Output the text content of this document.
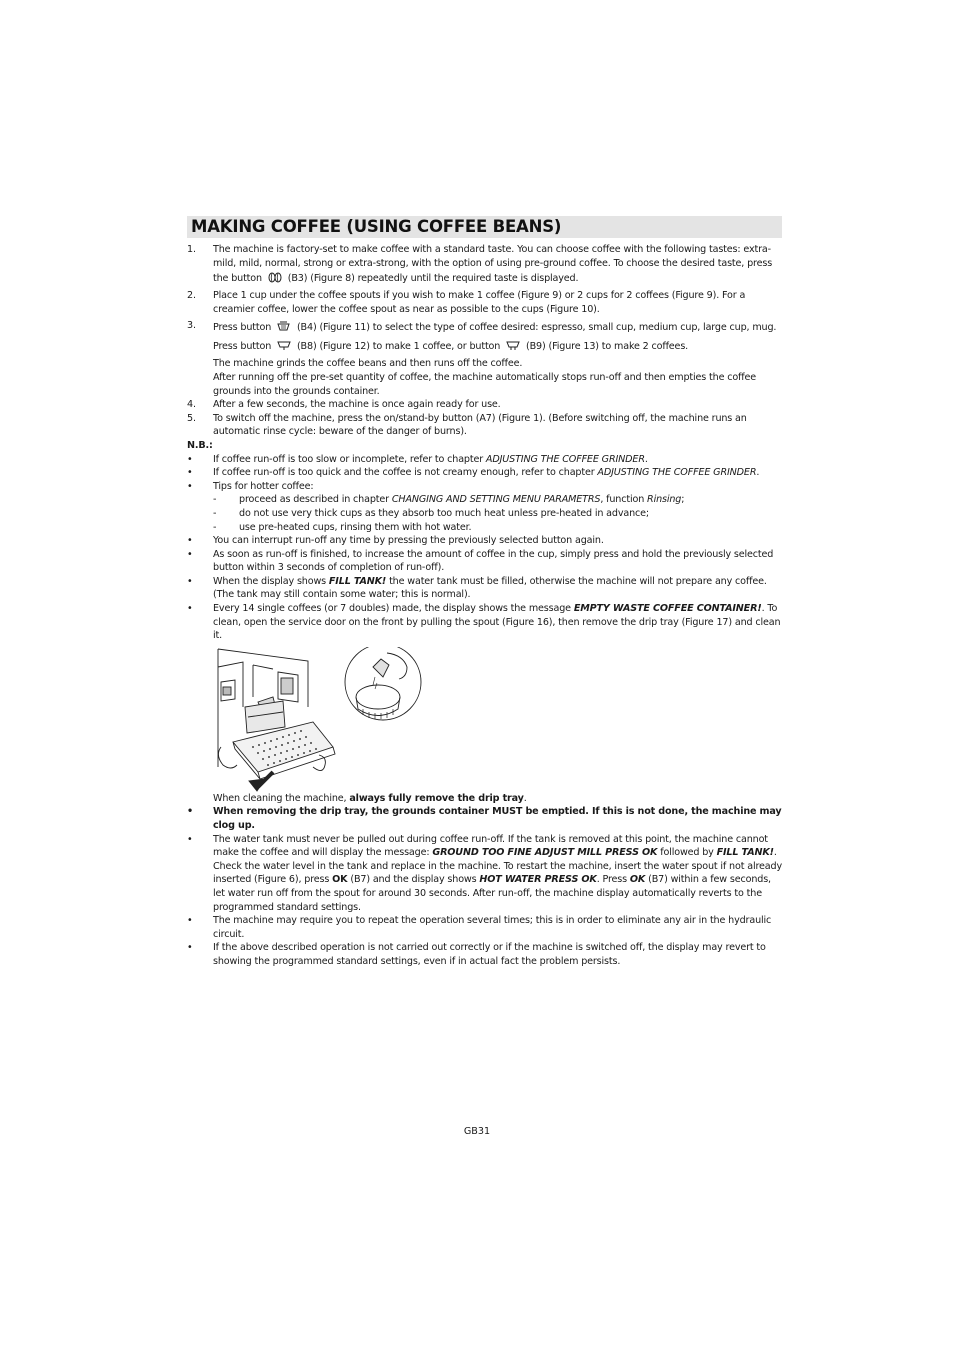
MAKING COFFEE (USING COFFEE BEANS)
1.	The machine is factory-set to make coffee with a standard taste. You can choose coffee with the following tastes: extra-mild, mild, normal, strong or extra-strong, with the option of using pre-ground coffee. To choose the desired taste, press
the button	(B3) (Figure 8) repeatedly until the required taste is displayed.
2.	Place 1 cup under the coffee spouts if you wish to make 1 coffee (Figure 9) or 2 cups for 2 coffees (Figure 9). For a creamier coffee, lower the coffee spout as near as possible to the cups (Figure 10).
3.	Press button	(B4) (Figure 11) to select the type of coffee desired: espresso, small cup, medium cup, large cup, mug.
Press button	(B8) (Figure 12) to make 1 coffee, or button	(B9) (Figure 13) to make 2 coffees.
The machine grinds the coffee beans and then runs off the coffee.
After running off the pre-set quantity of coffee, the machine automatically stops run-off and then empties the coffee grounds into the grounds container.
4.	After a few seconds, the machine is once again ready for use.
5.	To switch off the machine, press the on/stand-by button (A7) (Figure 1). (Before switching off, the machine runs an automatic rinse cycle: beware of the danger of burns).
N.B.:
•	If coffee run-off is too slow or incomplete, refer to chapter ADJUSTING THE COFFEE GRINDER.
•	If coffee run-off is too quick and the coffee is not creamy enough, refer to chapter ADJUSTING THE COFFEE GRINDER.
•	Tips for hotter coffee:
-	proceed as described in chapter CHANGING AND SETTING MENU PARAMETRS, function Rinsing;
-	do not use very thick cups as they absorb too much heat unless pre-heated in advance;
-	use pre-heated cups, rinsing them with hot water.
•	You can interrupt run-off any time by pressing the previously selected button again.
•	As soon as run-off is finished, to increase the amount of coffee in the cup, simply press and hold the previously selected button within 3 seconds of completion of run-off).
•	When the display shows FILL TANK! the water tank must be filled, otherwise the machine will not prepare any coffee. (The tank may still contain some water; this is normal).
•	Every 14 single coffees (or 7 doubles) made, the display shows the message EMPTY WASTE COFFEE CONTAINER!. To clean, open the service door on the front by pulling the spout (Figure 16), then remove the drip tray (Figure 17) and clean it.
When cleaning the machine, always fully remove the drip tray.
•	When removing the drip tray, the grounds container MUST be emptied. If this is not done, the machine may clog up.
•	The water tank must never be pulled out during coffee run-off. If the tank is removed at this point, the machine cannot make the coffee and will display the message: GROUND TOO FINE ADJUST MILL PRESS OK followed by FILL TANK!. Check the water level in the tank and replace in the machine. To restart the machine, insert the water spout if not already inserted (Figure 6), press OK (B7) and the display shows HOT WATER PRESS OK. Press OK (B7) within a few seconds, let water run off from the spout for around 30 seconds. After run-off, the machine display automatically reverts to the programmed standard settings.
•	The machine may require you to repeat the operation several times; this is in order to eliminate any air in the hydraulic circuit.
•	If the above described operation is not carried out correctly or if the machine is switched off, the display may revert to showing the programmed standard settings, even if in actual fact the problem persists.
GB31
